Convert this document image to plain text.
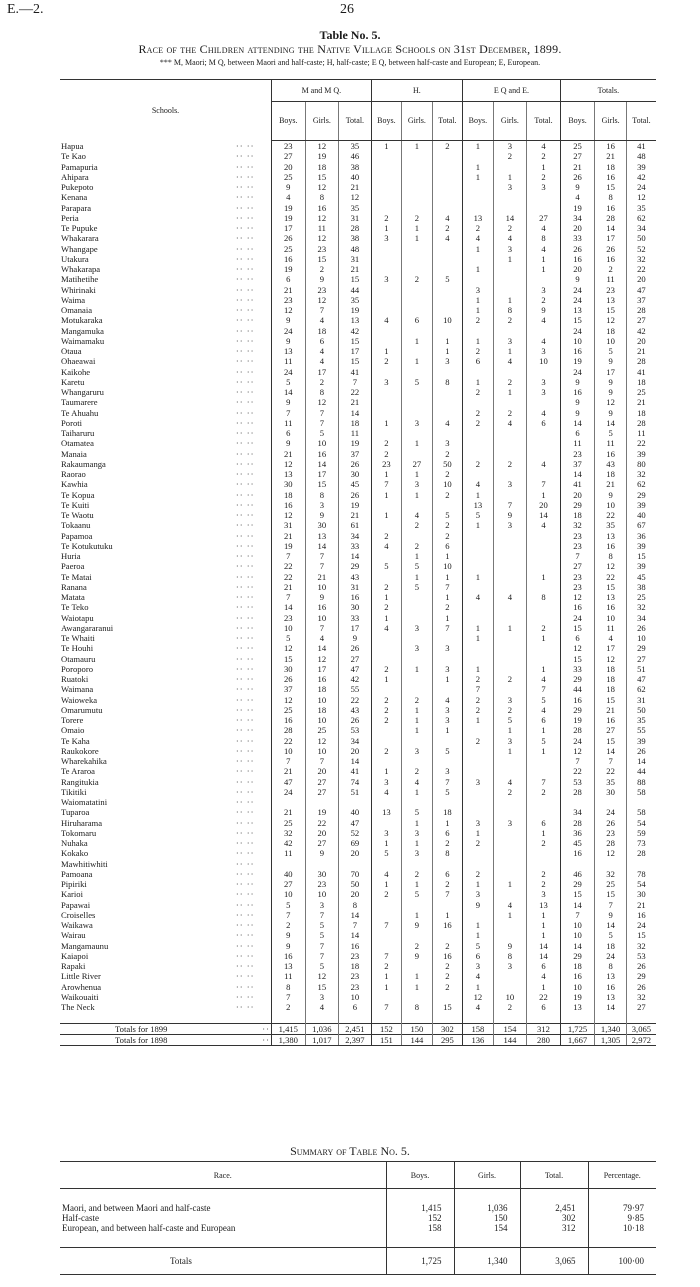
E.—2.	26
Table No. 5.
Race of the Children attending the Native Village Schools on 31st December, 1899.
*** M, Maori; M Q, between Maori and half-caste; H, half-caste; E Q, between half-caste and European; E, European.
Schools.		M and M Q.			H.			E Q and E.			Totals.		
		Boys.	Girls.	Total.	Boys.	Girls.	Total.	Boys.	Girls.	Total.	Boys.	Girls.	Total.
Hapua	·· ··	23	12	35	1	1	2	1	3	4	25	16	41
Te Kao	·· ··	27	19	46					2	2	27	21	48
Pamapuria	·· ··	20	18	38				1		1	21	18	39
Ahipara	·· ··	25	15	40				1	1	2	26	16	42
Pukepoto	·· ··	9	12	21					3	3	9	15	24
Kenana	·· ··	4	8	12							4	8	12
Parapara	·· ··	19	16	35							19	16	35
Peria	·· ··	19	12	31	2	2	4	13	14	27	34	28	62
Te Pupuke	·· ··	17	11	28	1	1	2	2	2	4	20	14	34
Whakarara	·· ··	26	12	38	3	1	4	4	4	8	33	17	50
Whangape	·· ··	25	23	48				1	3	4	26	26	52
Utakura	·· ··	16	15	31					1	1	16	16	32
Whakarapa	·· ··	19	2	21				1		1	20	2	22
Matihetihe	·· ··	6	9	15	3	2	5				9	11	20
Whirinaki	·· ··	21	23	44				3		3	24	23	47
Waima	·· ··	23	12	35				1	1	2	24	13	37
Omanaia	·· ··	12	7	19				1	8	9	13	15	28
Motukaraka	·· ··	9	4	13	4	6	10	2	2	4	15	12	27
Mangamuka	·· ··	24	18	42							24	18	42
Waimamaku	·· ··	9	6	15		1	1	1	3	4	10	10	20
Otaua	·· ··	13	4	17	1		1	2	1	3	16	5	21
Ohaeawai	·· ··	11	4	15	2	1	3	6	4	10	19	9	28
Kaikohe	·· ··	24	17	41							24	17	41
Karetu	·· ··	5	2	7	3	5	8	1	2	3	9	9	18
Whangaruru	·· ··	14	8	22				2	1	3	16	9	25
Taumarere	·· ··	9	12	21							9	12	21
Te Ahuahu	·· ··	7	7	14				2	2	4	9	9	18
Poroti	·· ··	11	7	18	1	3	4	2	4	6	14	14	28
Taiharuru	·· ··	6	5	11							6	5	11
Otamatea	·· ··	9	10	19	2	1	3				11	11	22
Manaia	·· ··	21	16	37	2		2				23	16	39
Rakaumanga	·· ··	12	14	26	23	27	50	2	2	4	37	43	80
Raorao	·· ··	13	17	30	1	1	2				14	18	32
Kawhia	·· ··	30	15	45	7	3	10	4	3	7	41	21	62
Te Kopua	·· ··	18	8	26	1	1	2	1		1	20	9	29
Te Kuiti	·· ··	16	3	19				13	7	20	29	10	39
Te Waotu	·· ··	12	9	21	1	4	5	5	9	14	18	22	40
Tokaanu	·· ··	31	30	61		2	2	1	3	4	32	35	67
Papamoa	·· ··	21	13	34	2		2				23	13	36
Te Kotukutuku	·· ··	19	14	33	4	2	6				23	16	39
Huria	·· ··	7	7	14		1	1				7	8	15
Paeroa	·· ··	22	7	29	5	5	10				27	12	39
Te Matai	·· ··	22	21	43		1	1	1		1	23	22	45
Ranana	·· ··	21	10	31	2	5	7				23	15	38
Matata	·· ··	7	9	16	1		1	4	4	8	12	13	25
Te Teko	·· ··	14	16	30	2		2				16	16	32
Waiotapu	·· ··	23	10	33	1		1				24	10	34
Awangararanui	·· ··	10	7	17	4	3	7	1	1	2	15	11	26
Te Whaiti	·· ··	5	4	9				1		1	6	4	10
Te Houhi	·· ··	12	14	26		3	3				12	17	29
Otamauru	·· ··	15	12	27							15	12	27
Poroporo	·· ··	30	17	47	2	1	3	1		1	33	18	51
Ruatoki	·· ··	26	16	42	1		1	2	2	4	29	18	47
Waimana	·· ··	37	18	55				7		7	44	18	62
Waioweka	·· ··	12	10	22	2	2	4	2	3	5	16	15	31
Omarumutu	·· ··	25	18	43	2	1	3	2	2	4	29	21	50
Torere	·· ··	16	10	26	2	1	3	1	5	6	19	16	35
Omaio	·· ··	28	25	53		1	1		1	1	28	27	55
Te Kaha	·· ··	22	12	34				2	3	5	24	15	39
Raukokore	·· ··	10	10	20	2	3	5		1	1	12	14	26
Wharekahika	·· ··	7	7	14							7	7	14
Te Araroa	·· ··	21	20	41	1	2	3				22	22	44
Rangitukia	·· ··	47	27	74	3	4	7	3	4	7	53	35	88
Tikitiki	·· ··	24	27	51	4	1	5		2	2	28	30	58
Waiomatatini	·· ··												
Tuparoa	·· ··	21	19	40	13	5	18				34	24	58
Hiruharama	·· ··	25	22	47		1	1	3	3	6	28	26	54
Tokomaru	·· ··	32	20	52	3	3	6	1		1	36	23	59
Nuhaka	·· ··	42	27	69	1	1	2	2		2	45	28	73
Kokako	·· ··	11	9	20	5	3	8				16	12	28
Mawhitiwhiti	·· ··												
Pamoana	·· ··	40	30	70	4	2	6	2		2	46	32	78
Pipiriki	·· ··	27	23	50	1	1	2	1	1	2	29	25	54
Karioi	·· ··	10	10	20	2	5	7	3		3	15	15	30
Papawai	·· ··	5	3	8				9	4	13	14	7	21
Croiselles	·· ··	7	7	14		1	1		1	1	7	9	16
Waikawa	·· ··	2	5	7	7	9	16	1		1	10	14	24
Wairau	·· ··	9	5	14				1		1	10	5	15
Mangamaunu	·· ··	9	7	16		2	2	5	9	14	14	18	32
Kaiapoi	·· ··	16	7	23	7	9	16	6	8	14	29	24	53
Rapaki	·· ··	13	5	18	2		2	3	3	6	18	8	26
Little River	·· ··	11	12	23	1	1	2	4		4	16	13	29
Arowhenua	·· ··	8	15	23	1	1	2	1		1	10	16	26
Waikouaiti	·· ··	7	3	10				12	10	22	19	13	32
The Neck	·· ··	2	4	6	7	8	15	4	2	6	13	14	27

Totals for 1899	··	1,415	1,036	2,451	152	150	302	158	154	312	1,725	1,340	3,065
Totals for 1898	··	1,380	1,017	2,397	151	144	295	136	144	280	1,667	1,305	2,972
Summary of Table No. 5.
Race.	Boys.	Girls.	Total.	Percentage.

Maori, and between Maori and half-caste	1,415	1,036	2,451	79·97
Half-caste	152	150	302	9·85
European, and between half-caste and European	158	154	312	10·18

Totals	1,725	1,340	3,065	100·00
